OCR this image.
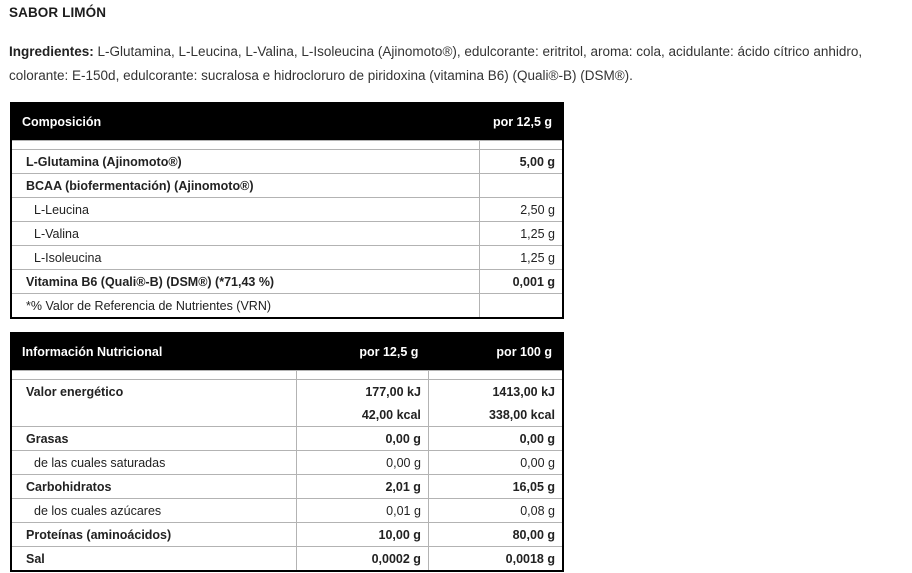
SABOR LIMÓN
Ingredientes: L-Glutamina, L-Leucina, L-Valina, L-Isoleucina (Ajinomoto®), edulcorante: eritritol, aroma: cola, acidulante: ácido cítrico anhidro, colorante: E-150d, edulcorante: sucralosa e hidrocloruro de piridoxina (vitamina B6) (Quali®-B) (DSM®).
Composición	por 12,5 g

L-Glutamina (Ajinomoto®)	5,00 g
BCAA (biofermentación) (Ajinomoto®)	
L-Leucina	2,50 g
L-Valina	1,25 g
L-Isoleucina	1,25 g
Vitamina B6 (Quali®-B) (DSM®) (*71,43 %)	0,001 g
*% Valor de Referencia de Nutrientes (VRN)	
Información Nutricional	por 12,5 g	por 100 g

Valor energético	177,00 kJ	1413,00 kJ
	42,00 kcal	338,00 kcal
Grasas	0,00 g	0,00 g
de las cuales saturadas	0,00 g	0,00 g
Carbohidratos	2,01 g	16,05 g
de los cuales azúcares	0,01 g	0,08 g
Proteínas (aminoácidos)	10,00 g	80,00 g
Sal	0,0002 g	0,0018 g
